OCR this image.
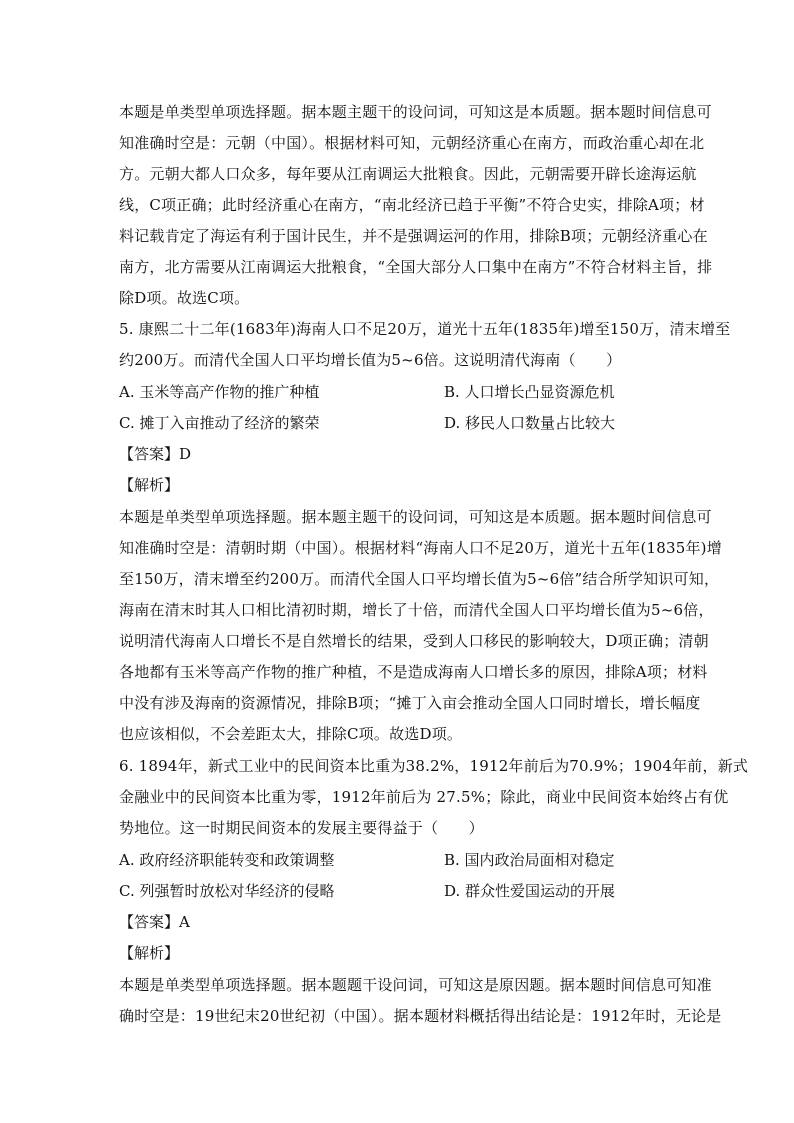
本题是单类型单项选择题。据本题主题干的设问词，可知这是本质题。据本题时间信息可
知准确时空是：元朝（中国）。根据材料可知，元朝经济重心在南方，而政治重心却在北
方。元朝大都人口众多，每年要从江南调运大批粮食。因此，元朝需要开辟长途海运航
线，C项正确；此时经济重心在南方，“南北经济已趋于平衡”不符合史实，排除A项；材
料记载肯定了海运有利于国计民生，并不是强调运河的作用，排除B项；元朝经济重心在
南方，北方需要从江南调运大批粮食，“全国大部分人口集中在南方”不符合材料主旨，排
除D项。故选C项。
5. 康熙二十二年(1683年)海南人口不足20万，道光十五年(1835年)增至150万，清末增至
约200万。而清代全国人口平均增长值为5~6倍。这说明清代海南（　　）
A. 玉米等高产作物的推广种植	B. 人口增长凸显资源危机
C. 摊丁入亩推动了经济的繁荣	D. 移民人口数量占比较大
【答案】D
【解析】
本题是单类型单项选择题。据本题主题干的设问词，可知这是本质题。据本题时间信息可
知准确时空是：清朝时期（中国）。根据材料“海南人口不足20万，道光十五年(1835年)增
至150万，清末增至约200万。而清代全国人口平均增长值为5~6倍”结合所学知识可知，
海南在清末时其人口相比清初时期，增长了十倍，而清代全国人口平均增长值为5~6倍，
说明清代海南人口增长不是自然增长的结果，受到人口移民的影响较大，D项正确；清朝
各地都有玉米等高产作物的推广种植，不是造成海南人口增长多的原因，排除A项；材料
中没有涉及海南的资源情况，排除B项；“摊丁入亩会推动全国人口同时增长，增长幅度
也应该相似，不会差距太大，排除C项。故选D项。
6. 1894年，新式工业中的民间资本比重为38.2%，1912年前后为70.9%；1904年前，新式
金融业中的民间资本比重为零，1912年前后为 27.5%；除此，商业中民间资本始终占有优
势地位。这一时期民间资本的发展主要得益于（　　）
A. 政府经济职能转变和政策调整	B. 国内政治局面相对稳定
C. 列强暂时放松对华经济的侵略	D. 群众性爱国运动的开展
【答案】A
【解析】
本题是单类型单项选择题。据本题题干设问词，可知这是原因题。据本题时间信息可知准
确时空是：19世纪末20世纪初（中国）。据本题材料概括得出结论是：1912年时，无论是
